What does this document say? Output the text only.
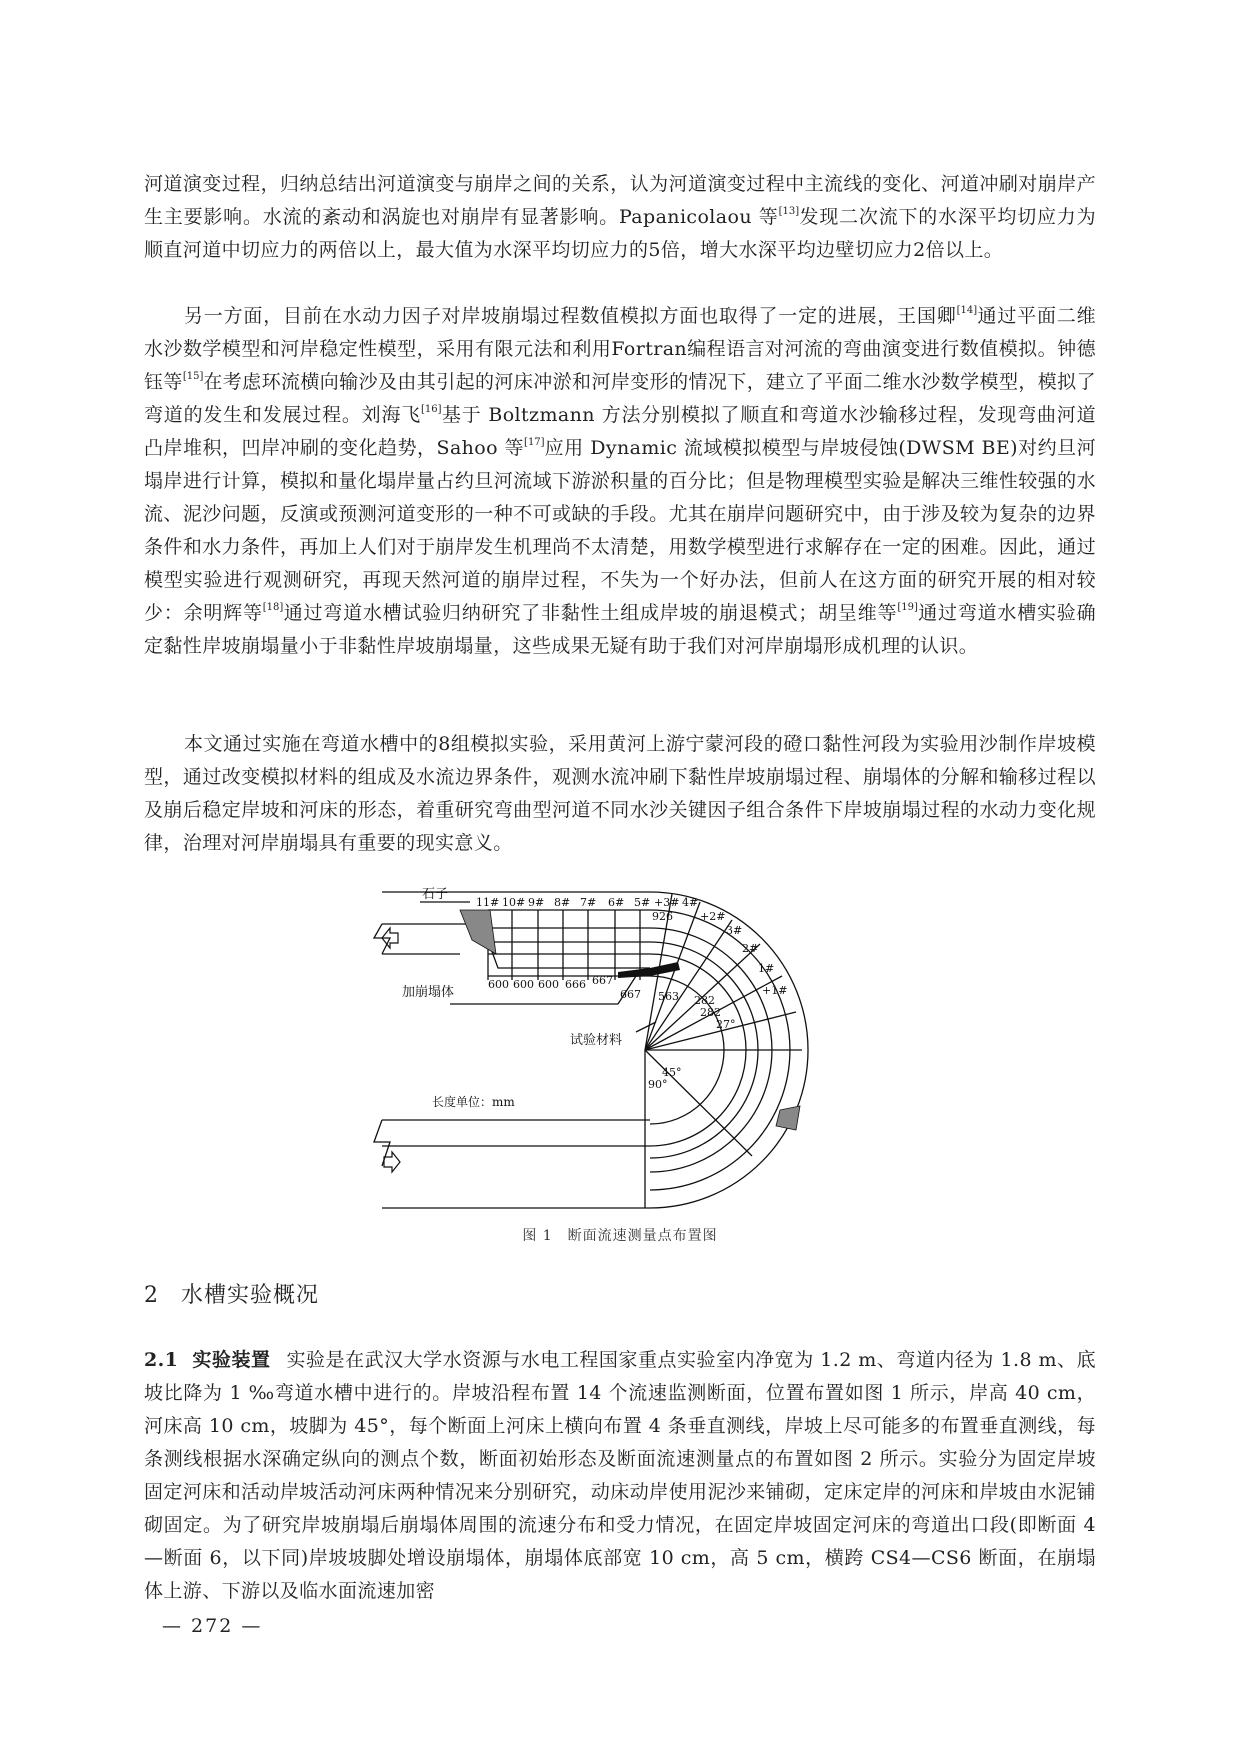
河道演变过程，归纳总结出河道演变与崩岸之间的关系，认为河道演变过程中主流线的变化、河道冲刷对崩岸产生主要影响。水流的紊动和涡旋也对崩岸有显著影响。Papanicolaou 等[13]发现二次流下的水深平均切应力为顺直河道中切应力的两倍以上，最大值为水深平均切应力的5倍，增大水深平均边壁切应力2倍以上。

另一方面，目前在水动力因子对岸坡崩塌过程数值模拟方面也取得了一定的进展，王国卿[14]通过平面二维水沙数学模型和河岸稳定性模型，采用有限元法和利用Fortran编程语言对河流的弯曲演变进行数值模拟。钟德钰等[15]在考虑环流横向输沙及由其引起的河床冲淤和河岸变形的情况下，建立了平面二维水沙数学模型，模拟了弯道的发生和发展过程。刘海飞[16]基于 Boltzmann 方法分别模拟了顺直和弯道水沙输移过程，发现弯曲河道凸岸堆积，凹岸冲刷的变化趋势，Sahoo 等[17]应用 Dynamic 流域模拟模型与岸坡侵蚀(DWSM BE)对约旦河塌岸进行计算，模拟和量化塌岸量占约旦河流域下游淤积量的百分比；但是物理模型实验是解决三维性较强的水流、泥沙问题，反演或预测河道变形的一种不可或缺的手段。尤其在崩岸问题研究中，由于涉及较为复杂的边界条件和水力条件，再加上人们对于崩岸发生机理尚不太清楚，用数学模型进行求解存在一定的困难。因此，通过模型实验进行观测研究，再现天然河道的崩岸过程，不失为一个好办法，但前人在这方面的研究开展的相对较少：余明辉等[18]通过弯道水槽试验归纳研究了非黏性土组成岸坡的崩退模式；胡呈维等[19]通过弯道水槽实验确定黏性岸坡崩塌量小于非黏性岸坡崩塌量，这些成果无疑有助于我们对河岸崩塌形成机理的认识。

本文通过实施在弯道水槽中的8组模拟实验，采用黄河上游宁蒙河段的磴口黏性河段为实验用沙制作岸坡模型，通过改变模拟材料的组成及水流边界条件，观测水流冲刷下黏性岸坡崩塌过程、崩塌体的分解和输移过程以及崩后稳定岸坡和河床的形态，着重研究弯曲型河道不同水沙关键因子组合条件下岸坡崩塌过程的水动力变化规律，治理对河岸崩塌具有重要的现实意义。

石子
加崩塌体
试验材料
长度单位：mm
11# 10# 9# 8# 7# 6# 5# +3# 4#
+2#
3#
2#
1#
+1#
600 600 600 666 667
667
926
563 282
282
27°
45°
90°
图 1　断面流速测量点布置图
2 水槽实验概况

2.1 实验装置 实验是在武汉大学水资源与水电工程国家重点实验室内净宽为 1.2 m、弯道内径为 1.8 m、底坡比降为 1 ‰弯道水槽中进行的。岸坡沿程布置 14 个流速监测断面，位置布置如图 1 所示，岸高 40 cm，河床高 10 cm，坡脚为 45°，每个断面上河床上横向布置 4 条垂直测线，岸坡上尽可能多的布置垂直测线，每条测线根据水深确定纵向的测点个数，断面初始形态及断面流速测量点的布置如图 2 所示。实验分为固定岸坡固定河床和活动岸坡活动河床两种情况来分别研究，动床动岸使用泥沙来铺砌，定床定岸的河床和岸坡由水泥铺砌固定。为了研究岸坡崩塌后崩塌体周围的流速分布和受力情况，在固定岸坡固定河床的弯道出口段(即断面 4—断面 6，以下同)岸坡坡脚处增设崩塌体，崩塌体底部宽 10 cm，高 5 cm，横跨 CS4—CS6 断面，在崩塌体上游、下游以及临水面流速加密

— 272 —
